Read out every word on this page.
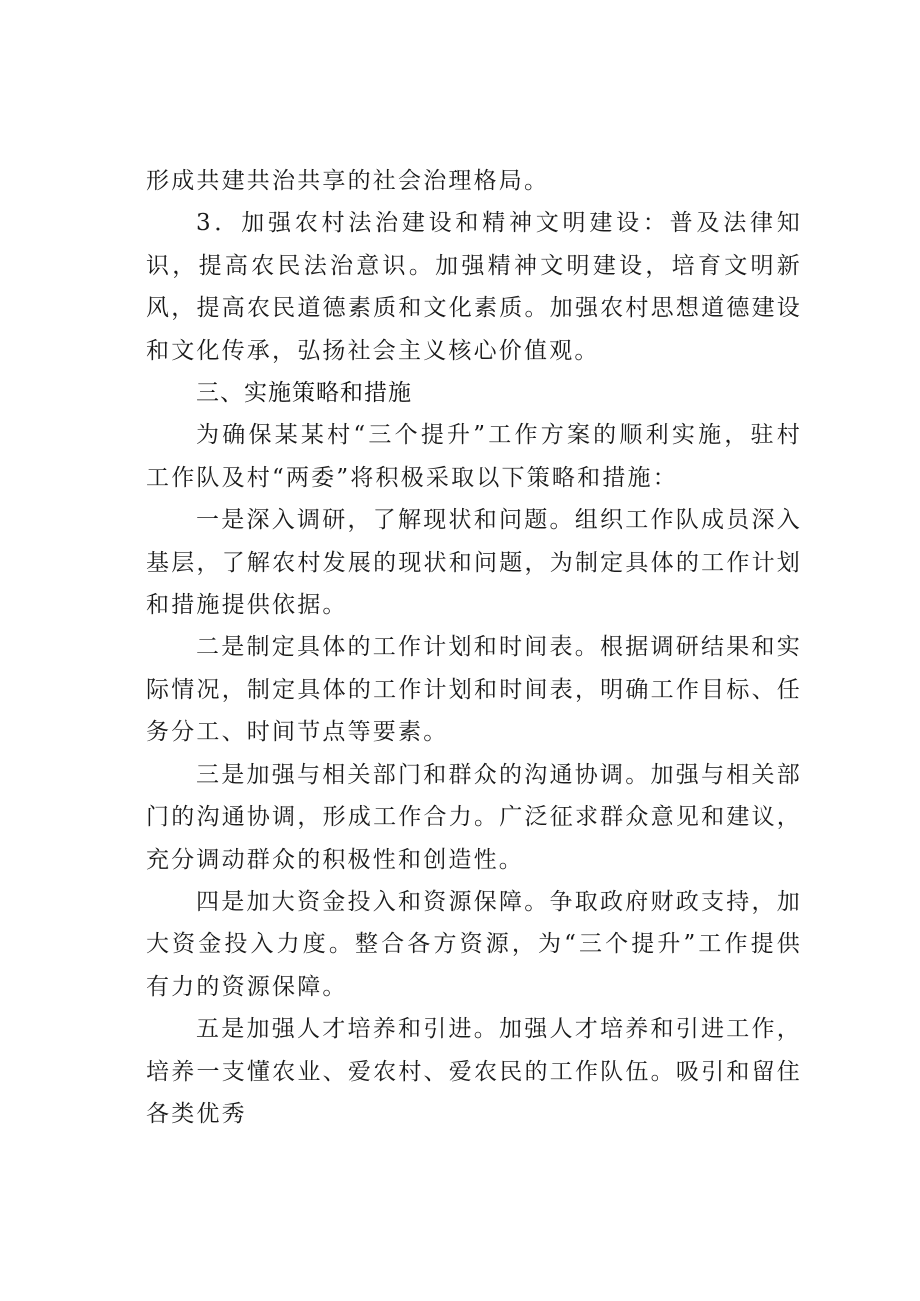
形成共建共治共享的社会治理格局。

3．加强农村法治建设和精神文明建设：普及法律知识，提高农民法治意识。加强精神文明建设，培育文明新风，提高农民道德素质和文化素质。加强农村思想道德建设和文化传承，弘扬社会主义核心价值观。

三、实施策略和措施

为确保某某村“三个提升”工作方案的顺利实施，驻村工作队及村“两委”将积极采取以下策略和措施：

一是深入调研，了解现状和问题。组织工作队成员深入基层，了解农村发展的现状和问题，为制定具体的工作计划和措施提供依据。

二是制定具体的工作计划和时间表。根据调研结果和实际情况，制定具体的工作计划和时间表，明确工作目标、任务分工、时间节点等要素。

三是加强与相关部门和群众的沟通协调。加强与相关部门的沟通协调，形成工作合力。广泛征求群众意见和建议，充分调动群众的积极性和创造性。

四是加大资金投入和资源保障。争取政府财政支持，加大资金投入力度。整合各方资源，为“三个提升”工作提供有力的资源保障。

五是加强人才培养和引进。加强人才培养和引进工作，培养一支懂农业、爱农村、爱农民的工作队伍。吸引和留住各类优秀
